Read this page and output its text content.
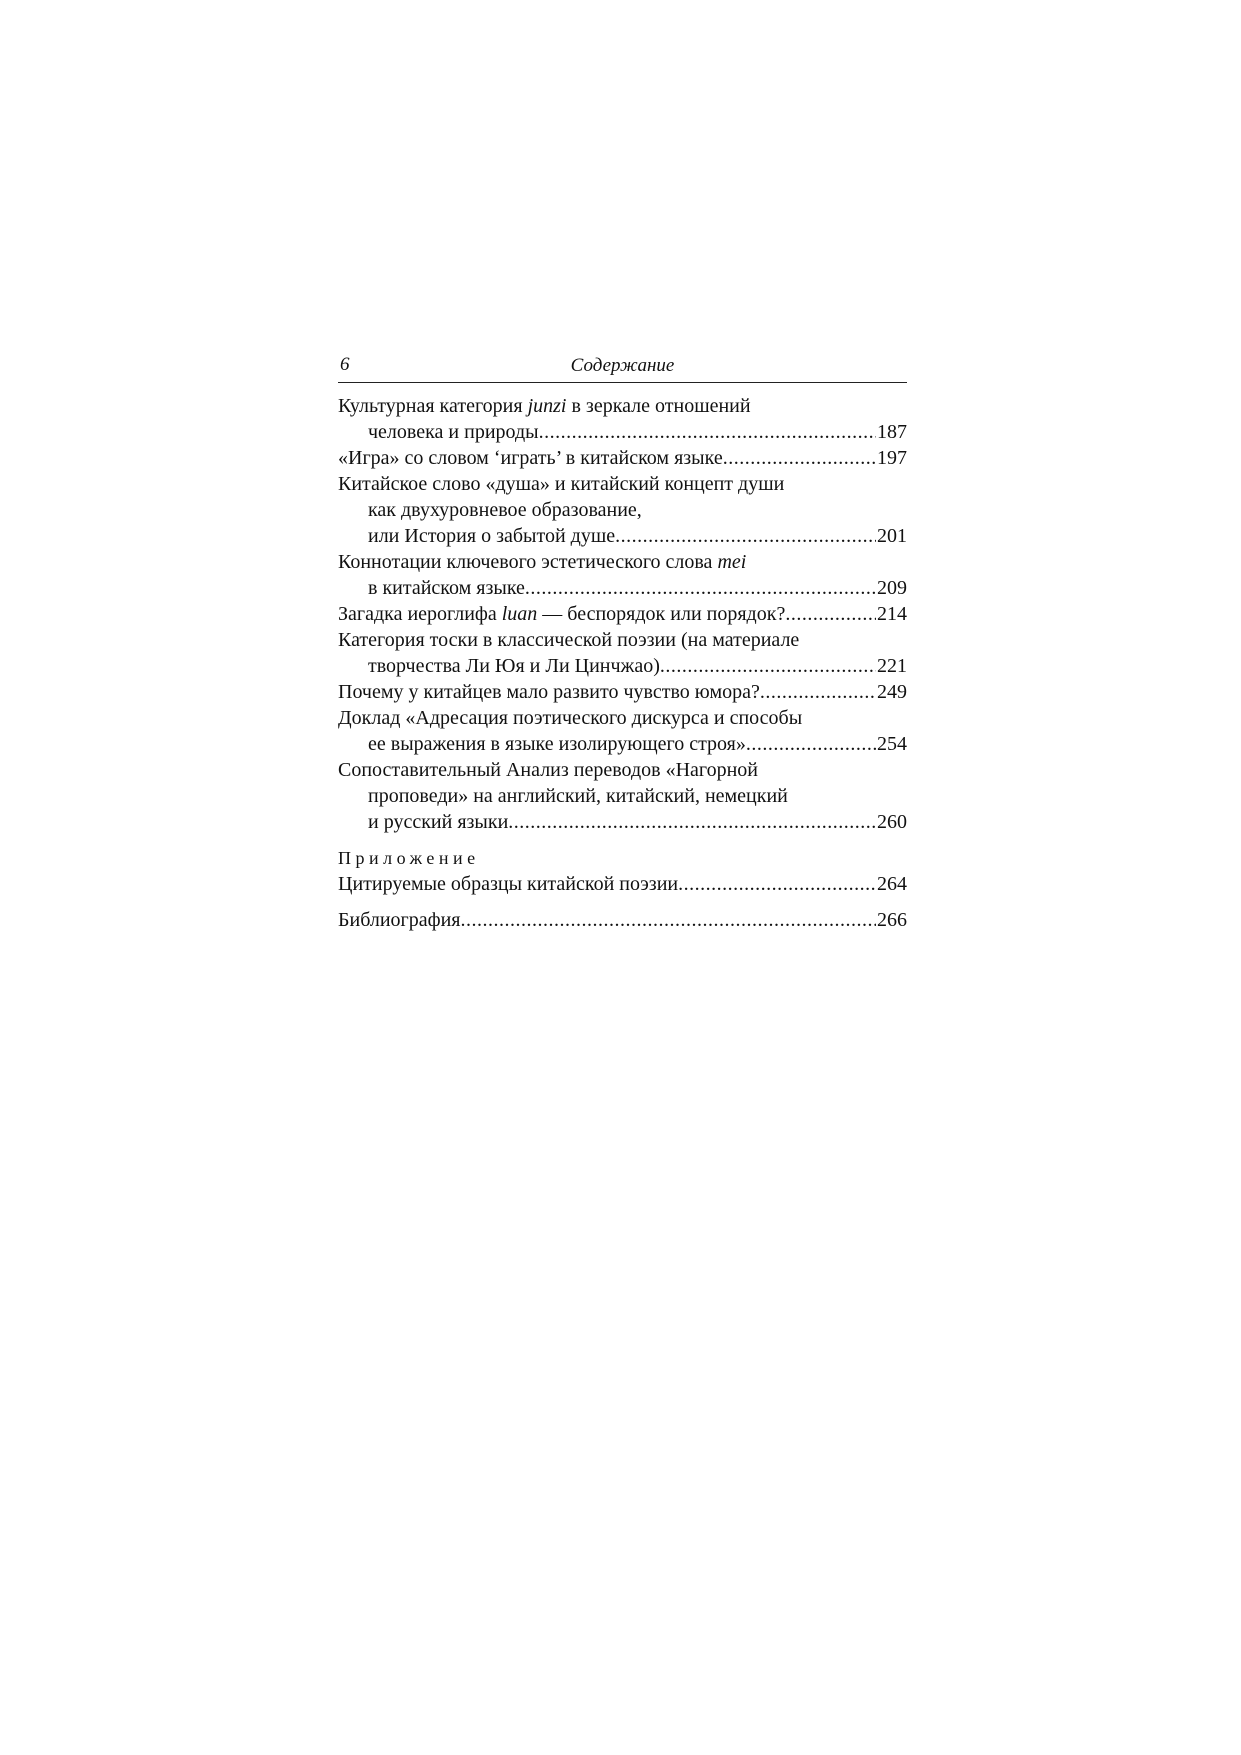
6	Содержание
Культурная категория junzi в зеркале отношений
человека и природы .....	187
«Игра» со словом ‘играть’ в китайском языке .....	197
Китайское слово «душа» и китайский концепт души
как двухуровневое образование,
или История о забытой душе .....	201
Коннотации ключевого эстетического слова mei
в китайском языке .....	209
Загадка иероглифа luan — беспорядок или порядок? .....	214
Категория тоски в классической поэзии (на материале
творчества Ли Юя и Ли Цинчжао) .....	221
Почему у китайцев мало развито чувство юмора? .....	249
Доклад «Адресация поэтического дискурса и способы
ее выражения в языке изолирующего строя» .....	254
Сопоставительный Анализ переводов «Нагорной
проповеди» на английский, китайский, немецкий
и русский языки .....	260
Приложение
Цитируемые образцы китайской поэзии .....	264
Библиография .....	266
